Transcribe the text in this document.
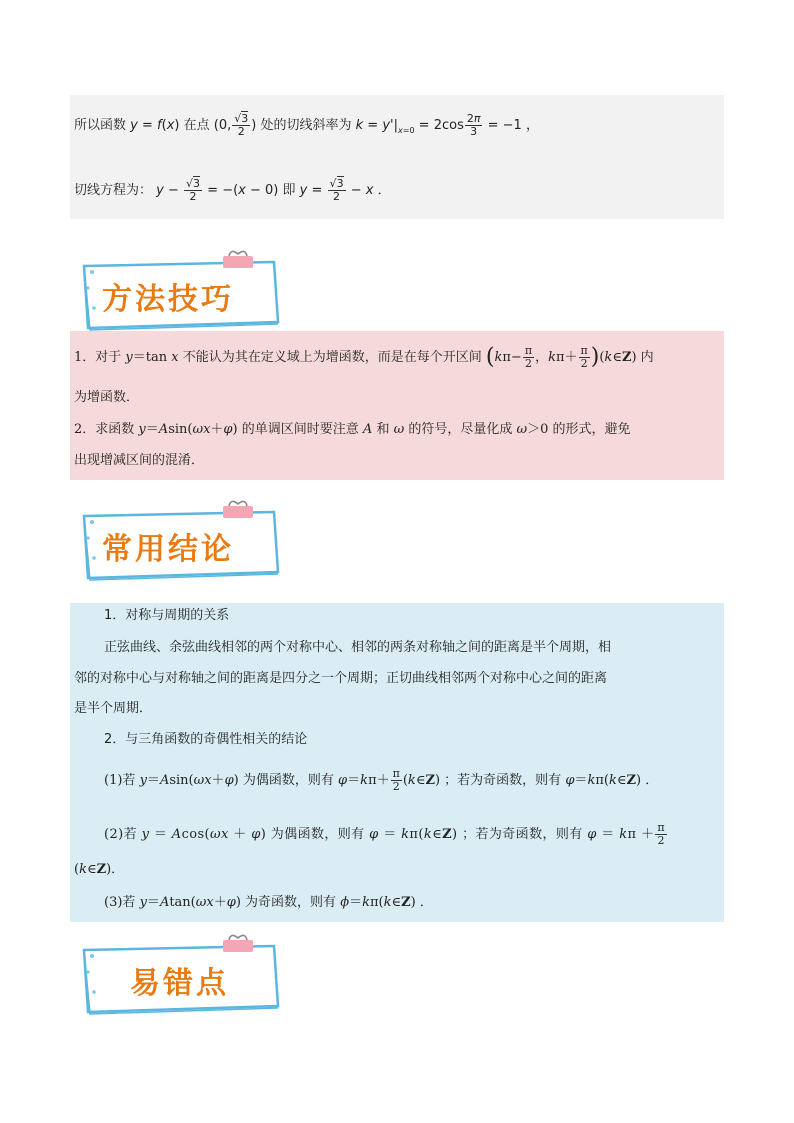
所以函数 y = f(x) 在点 (0, $\frac{√3}{2}$ ) 处的切线斜率为 $k = y'|_{x=0} = 2\cos \frac{2\pi}{3} = -1$ ，
切线方程为： $y - \frac{√3}{2} = -(x - 0)$ 即 $y = \frac{√3}{2} - x$ ．
方法技巧
1．对于 y＝tan x 不能认为其在定义域上为增函数，而是在每个开区间 ($k\pi- \frac{\pi}{2}$ ，$k\pi+ \frac{\pi}{2}$ )(k∈Z) 内
为增函数．
2．求函数 y＝Asin(ωx＋φ) 的单调区间时要注意 A 和 ω 的符号，尽量化成 ω＞0 的形式，避免
出现增减区间的混淆．
常用结论
1．对称与周期的关系
正弦曲线、余弦曲线相邻的两个对称中心、相邻的两条对称轴之间的距离是半个周期，相
邻的对称中心与对称轴之间的距离是四分之一个周期；正切曲线相邻两个对称中心之间的距离
是半个周期．
2．与三角函数的奇偶性相关的结论
(1)若 y＝Asin(ωx＋φ) 为偶函数，则有 $\varphi=k\pi+ \frac{\pi}{2}$ (k∈Z) ；若为奇函数，则有 φ＝kπ(k∈Z) ．
(2)若 y ＝ Acos(ωx ＋ φ) 为偶函数，则有 φ ＝ kπ(k∈Z) ；若为奇函数，则有 $\varphi = k\pi + \frac{\pi}{2}$
(k∈Z)．
(3)若 y＝Atan(ωx＋φ) 为奇函数，则有 ϕ＝kπ(k∈Z) ．
易错点
